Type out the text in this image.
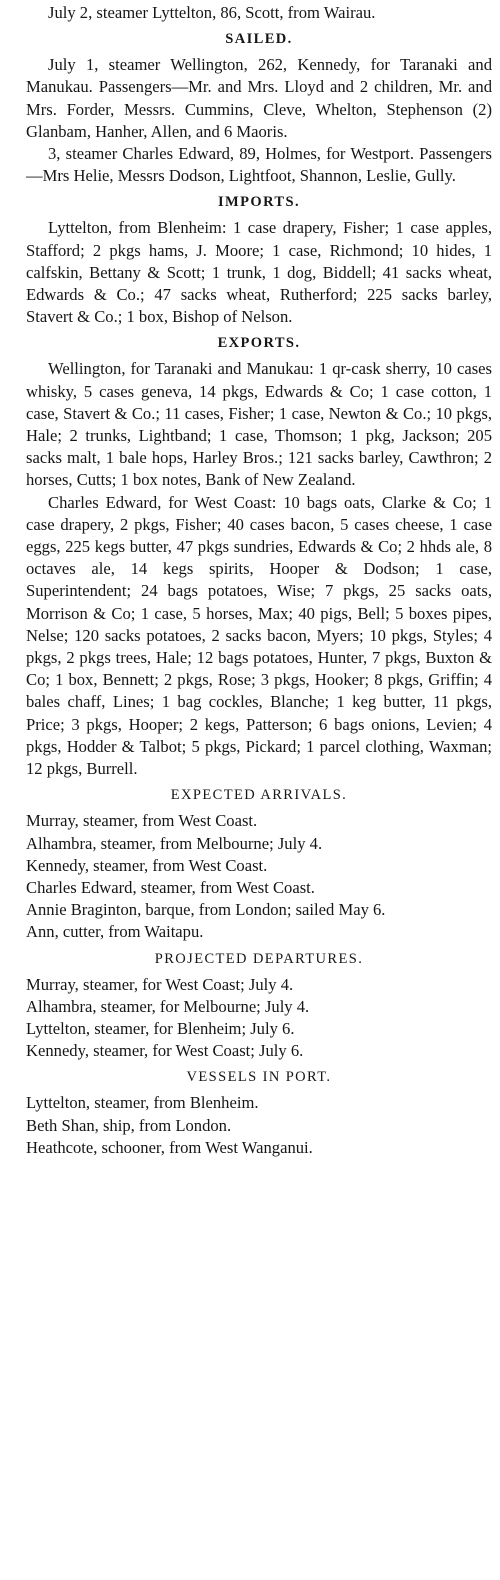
July 2, steamer Lyttelton, 86, Scott, from Wairau.

SAILED.

July 1, steamer Wellington, 262, Kennedy, for Taranaki and Manukau. Passengers—Mr. and Mrs. Lloyd and 2 children, Mr. and Mrs. Forder, Messrs. Cummins, Cleve, Whelton, Stephenson (2) Glanbam, Hanher, Allen, and 6 Maoris.

3, steamer Charles Edward, 89, Holmes, for Westport. Passengers—Mrs Helie, Messrs Dodson, Lightfoot, Shannon, Leslie, Gully.

IMPORTS.

Lyttelton, from Blenheim: 1 case drapery, Fisher; 1 case apples, Stafford; 2 pkgs hams, J. Moore; 1 case, Richmond; 10 hides, 1 calfskin, Bettany & Scott; 1 trunk, 1 dog, Biddell; 41 sacks wheat, Edwards & Co.; 47 sacks wheat, Rutherford; 225 sacks barley, Stavert & Co.; 1 box, Bishop of Nelson.

EXPORTS.

Wellington, for Taranaki and Manukau: 1 qr-cask sherry, 10 cases whisky, 5 cases geneva, 14 pkgs, Edwards & Co; 1 case cotton, 1 case, Stavert & Co.; 11 cases, Fisher; 1 case, Newton & Co.; 10 pkgs, Hale; 2 trunks, Lightband; 1 case, Thomson; 1 pkg, Jackson; 205 sacks malt, 1 bale hops, Harley Bros.; 121 sacks barley, Cawthron; 2 horses, Cutts; 1 box notes, Bank of New Zealand.

Charles Edward, for West Coast: 10 bags oats, Clarke & Co; 1 case drapery, 2 pkgs, Fisher; 40 cases bacon, 5 cases cheese, 1 case eggs, 225 kegs butter, 47 pkgs sundries, Edwards & Co; 2 hhds ale, 8 octaves ale, 14 kegs spirits, Hooper & Dodson; 1 case, Superintendent; 24 bags potatoes, Wise; 7 pkgs, 25 sacks oats, Morrison & Co; 1 case, 5 horses, Max; 40 pigs, Bell; 5 boxes pipes, Nelse; 120 sacks potatoes, 2 sacks bacon, Myers; 10 pkgs, Styles; 4 pkgs, 2 pkgs trees, Hale; 12 bags potatoes, Hunter, 7 pkgs, Buxton & Co; 1 box, Bennett; 2 pkgs, Rose; 3 pkgs, Hooker; 8 pkgs, Griffin; 4 bales chaff, Lines; 1 bag cockles, Blanche; 1 keg butter, 11 pkgs, Price; 3 pkgs, Hooper; 2 kegs, Patterson; 6 bags onions, Levien; 4 pkgs, Hodder & Talbot; 5 pkgs, Pickard; 1 parcel clothing, Waxman; 12 pkgs, Burrell.

EXPECTED ARRIVALS.
Murray, steamer, from West Coast.
Alhambra, steamer, from Melbourne; July 4.
Kennedy, steamer, from West Coast.
Charles Edward, steamer, from West Coast.
Annie Braginton, barque, from London; sailed May 6.
Ann, cutter, from Waitapu.
PROJECTED DEPARTURES.
Murray, steamer, for West Coast; July 4.
Alhambra, steamer, for Melbourne; July 4.
Lyttelton, steamer, for Blenheim; July 6.
Kennedy, steamer, for West Coast; July 6.
VESSELS IN PORT.
Lyttelton, steamer, from Blenheim.
Beth Shan, ship, from London.
Heathcote, schooner, from West Wanganui.
